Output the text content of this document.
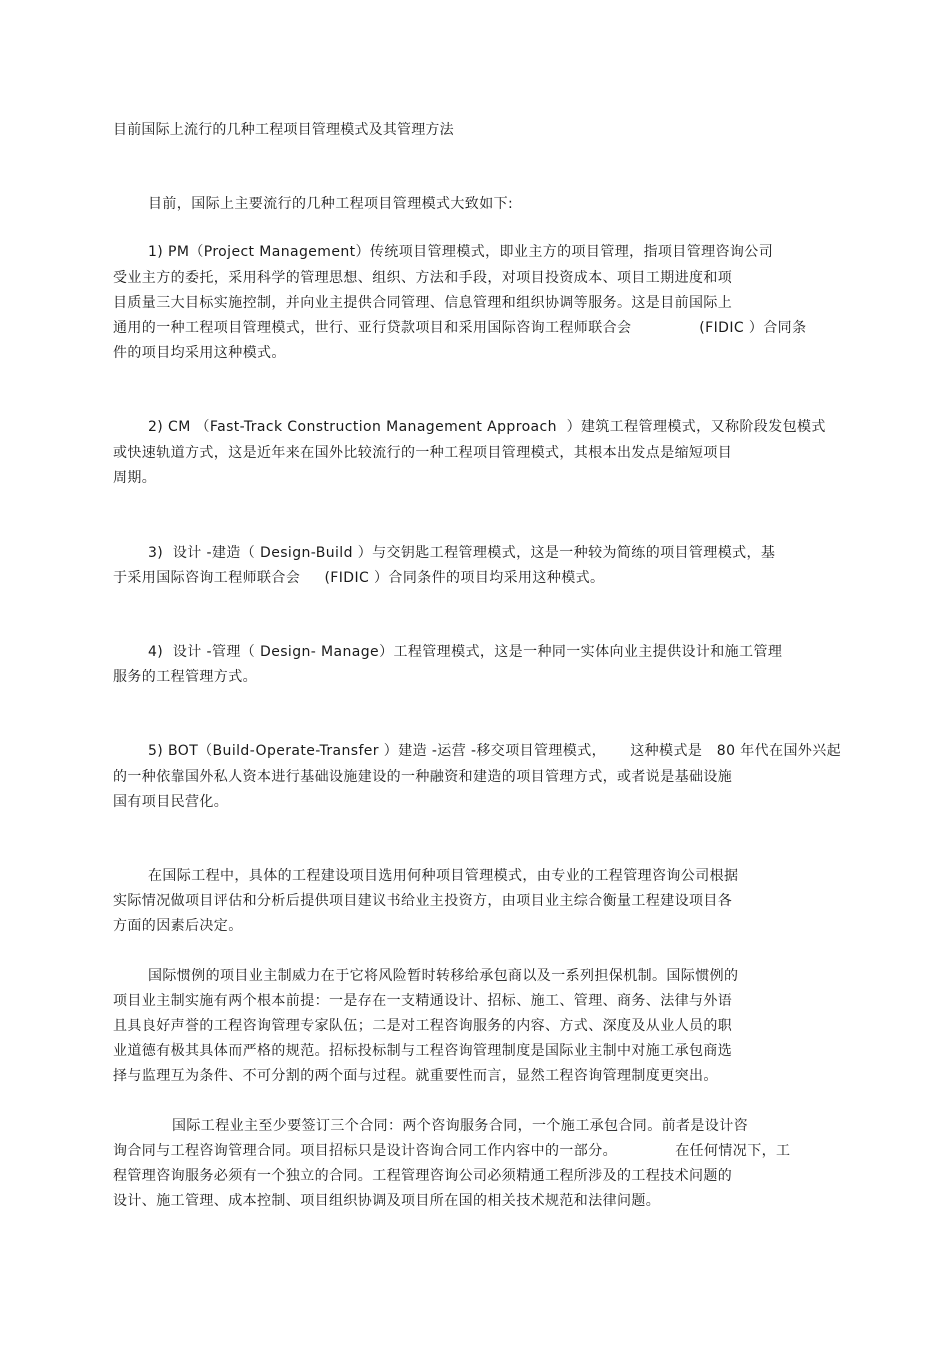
目前国际上流行的几种工程项目管理模式及其管理方法
目前，国际上主要流行的几种工程项目管理模式大致如下:
1) PM（Project Management）传统项目管理模式，即业主方的项目管理，指项目管理咨询公司
受业主方的委托，采用科学的管理思想、组织、方法和手段，对项目投资成本、项目工期进度和项
目质量三大目标实施控制，并向业主提供合同管理、信息管理和组织协调等服务。这是目前国际上
通用的一种工程项目管理模式，世行、亚行贷款项目和采用国际咨询工程师联合会              (FIDIC ）合同条
件的项目均采用这种模式。
2) CM （Fast-Track Construction Management Approach  ）建筑工程管理模式，又称阶段发包模式
或快速轨道方式，这是近年来在国外比较流行的一种工程项目管理模式，其根本出发点是缩短项目
周期。
3)  设计 -建造（ Design-Build ）与交钥匙工程管理模式，这是一种较为简练的项目管理模式，基
于采用国际咨询工程师联合会     (FIDIC ）合同条件的项目均采用这种模式。
4)  设计 -管理（ Design- Manage）工程管理模式，这是一种同一实体向业主提供设计和施工管理
服务的工程管理方式。
5) BOT（Build-Operate-Transfer ）建造 -运营 -移交项目管理模式，     这种模式是   80 年代在国外兴起
的一种依靠国外私人资本进行基础设施建设的一种融资和建造的项目管理方式，或者说是基础设施
国有项目民营化。
在国际工程中，具体的工程建设项目选用何种项目管理模式，由专业的工程管理咨询公司根据
实际情况做项目评估和分析后提供项目建议书给业主投资方，由项目业主综合衡量工程建设项目各
方面的因素后决定。
国际惯例的项目业主制威力在于它将风险暂时转移给承包商以及一系列担保机制。国际惯例的
项目业主制实施有两个根本前提：一是存在一支精通设计、招标、施工、管理、商务、法律与外语
且具良好声誉的工程咨询管理专家队伍；二是对工程咨询服务的内容、方式、深度及从业人员的职
业道德有极其具体而严格的规范。招标投标制与工程咨询管理制度是国际业主制中对施工承包商选
择与监理互为条件、不可分割的两个面与过程。就重要性而言，显然工程咨询管理制度更突出。
国际工程业主至少要签订三个合同：两个咨询服务合同，一个施工承包合同。前者是设计咨
询合同与工程咨询管理合同。项目招标只是设计咨询合同工作内容中的一部分。            在任何情况下，工
程管理咨询服务必须有一个独立的合同。工程管理咨询公司必须精通工程所涉及的工程技术问题的
设计、施工管理、成本控制、项目组织协调及项目所在国的相关技术规范和法律问题。
